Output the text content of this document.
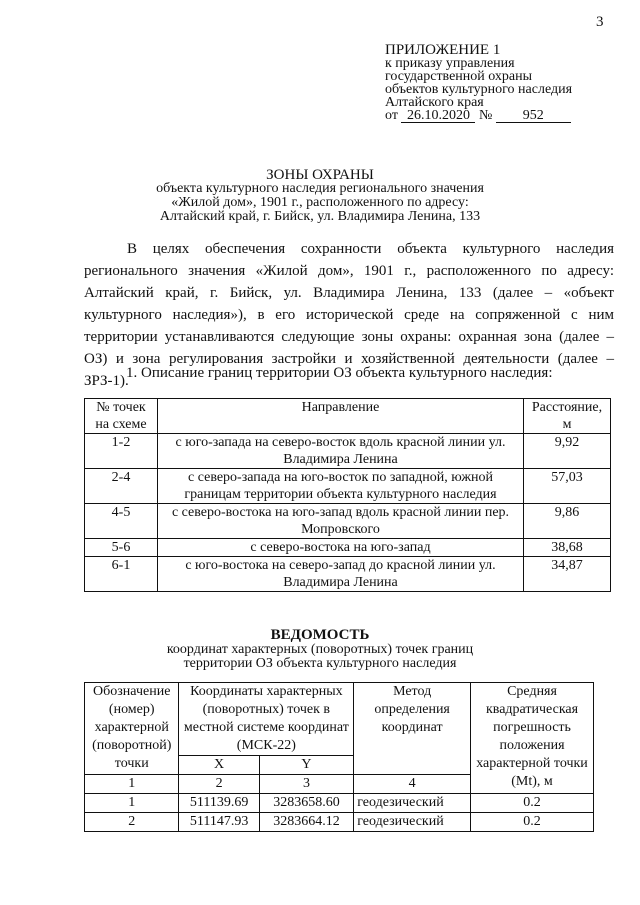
3
ПРИЛОЖЕНИЕ 1
к приказу управления
государственной охраны
объектов культурного наследия
Алтайского края
от 26.10.2020 № 952
ЗОНЫ ОХРАНЫ
объекта культурного наследия регионального значения
«Жилой дом», 1901 г., расположенного по адресу:
Алтайский край, г. Бийск, ул. Владимира Ленина, 133
В целях обеспечения сохранности объекта культурного наследия регионального значения «Жилой дом», 1901 г., расположенного по адресу: Алтайский край, г. Бийск, ул. Владимира Ленина, 133 (далее – «объект культурного наследия»), в его исторической среде на сопряженной с ним территории устанавливаются следующие зоны охраны: охранная зона (далее – ОЗ) и зона регулирования застройки и хозяйственной деятельности (далее – ЗРЗ-1).
1. Описание границ территории ОЗ объекта культурного наследия:
№ точек на схеме	Направление	Расстояние, м
1-2	с юго-запада на северо-восток вдоль красной линии ул. Владимира Ленина	9,92
2-4	с северо-запада на юго-восток по западной, южной границам территории объекта культурного наследия	57,03
4-5	с северо-востока на юго-запад вдоль красной линии пер. Мопровского	9,86
5-6	с северо-востока на юго-запад	38,68
6-1	с юго-востока на северо-запад до красной линии ул. Владимира Ленина	34,87
ВЕДОМОСТЬ
координат характерных (поворотных) точек границ
территории ОЗ объекта культурного наследия
Обозначение (номер) характерной (поворотной) точки	Координаты характерных (поворотных) точек в местной системе координат (МСК-22)		Метод определения координат	Средняя квадратическая погрешность положения характерной точки (Mt), м
	X	Y		
1	2	3	4	
1	511139.69	3283658.60	геодезический	0.2
2	511147.93	3283664.12	геодезический	0.2
